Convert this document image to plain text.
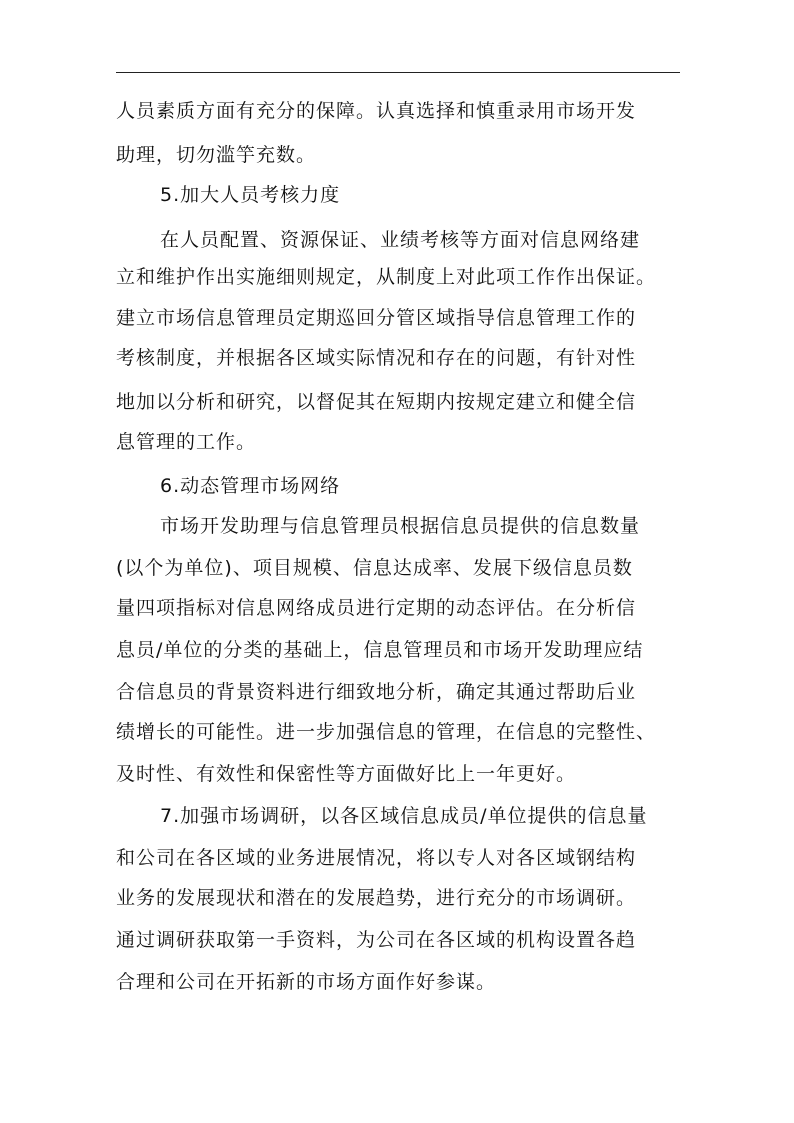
人员素质方面有充分的保障。认真选择和慎重录用市场开发
助理，切勿滥竽充数。
5.加大人员考核力度
在人员配置、资源保证、业绩考核等方面对信息网络建
立和维护作出实施细则规定，从制度上对此项工作作出保证。
建立市场信息管理员定期巡回分管区域指导信息管理工作的
考核制度，并根据各区域实际情况和存在的问题，有针对性
地加以分析和研究，以督促其在短期内按规定建立和健全信
息管理的工作。
6.动态管理市场网络
市场开发助理与信息管理员根据信息员提供的信息数量
(以个为单位)、项目规模、信息达成率、发展下级信息员数
量四项指标对信息网络成员进行定期的动态评估。在分析信
息员/单位的分类的基础上，信息管理员和市场开发助理应结
合信息员的背景资料进行细致地分析，确定其通过帮助后业
绩增长的可能性。进一步加强信息的管理，在信息的完整性、
及时性、有效性和保密性等方面做好比上一年更好。
7.加强市场调研，以各区域信息成员/单位提供的信息量
和公司在各区域的业务进展情况，将以专人对各区域钢结构
业务的发展现状和潜在的发展趋势，进行充分的市场调研。
通过调研获取第一手资料，为公司在各区域的机构设置各趋
合理和公司在开拓新的市场方面作好参谋。
